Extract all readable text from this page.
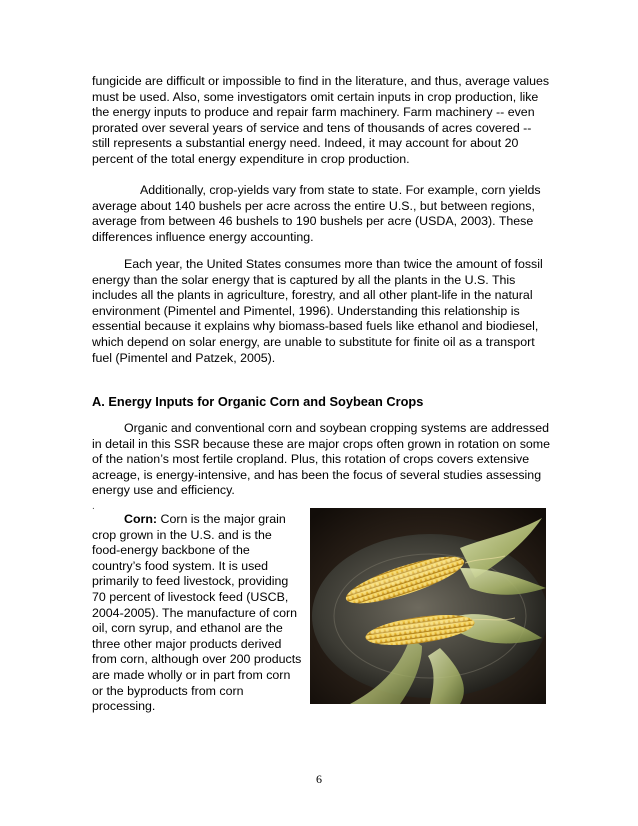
fungicide are difficult or impossible to find in the literature, and thus, average values must be used. Also, some investigators omit certain inputs in crop production, like the energy inputs to produce and repair farm machinery. Farm machinery -- even prorated over several years of service and tens of thousands of acres covered -- still represents a substantial energy need. Indeed, it may account for about 20 percent of the total energy expenditure in crop production.

Additionally, crop-yields vary from state to state. For example, corn yields average about 140 bushels per acre across the entire U.S., but between regions, average from between 46 bushels to 190 bushels per acre (USDA, 2003). These differences influence energy accounting.

Each year, the United States consumes more than twice the amount of fossil energy than the solar energy that is captured by all the plants in the U.S. This includes all the plants in agriculture, forestry, and all other plant-life in the natural environment (Pimentel and Pimentel, 1996). Understanding this relationship is essential because it explains why biomass-based fuels like ethanol and biodiesel, which depend on solar energy, are unable to substitute for finite oil as a transport fuel (Pimentel and Patzek, 2005).

A. Energy Inputs for Organic Corn and Soybean Crops

Organic and conventional corn and soybean cropping systems are addressed in detail in this SSR because these are major crops often grown in rotation on some of the nation’s most fertile cropland. Plus, this rotation of crops covers extensive acreage, is energy-intensive, and has been the focus of several studies assessing energy use and efficiency.

.

Corn: Corn is the major grain crop grown in the U.S. and is the food-energy backbone of the country’s food system. It is used primarily to feed livestock, providing 70 percent of livestock feed (USCB, 2004-2005). The manufacture of corn oil, corn syrup, and ethanol are the three other major products derived from corn, although over 200 products are made wholly or in part from corn or the byproducts from corn processing.

6
